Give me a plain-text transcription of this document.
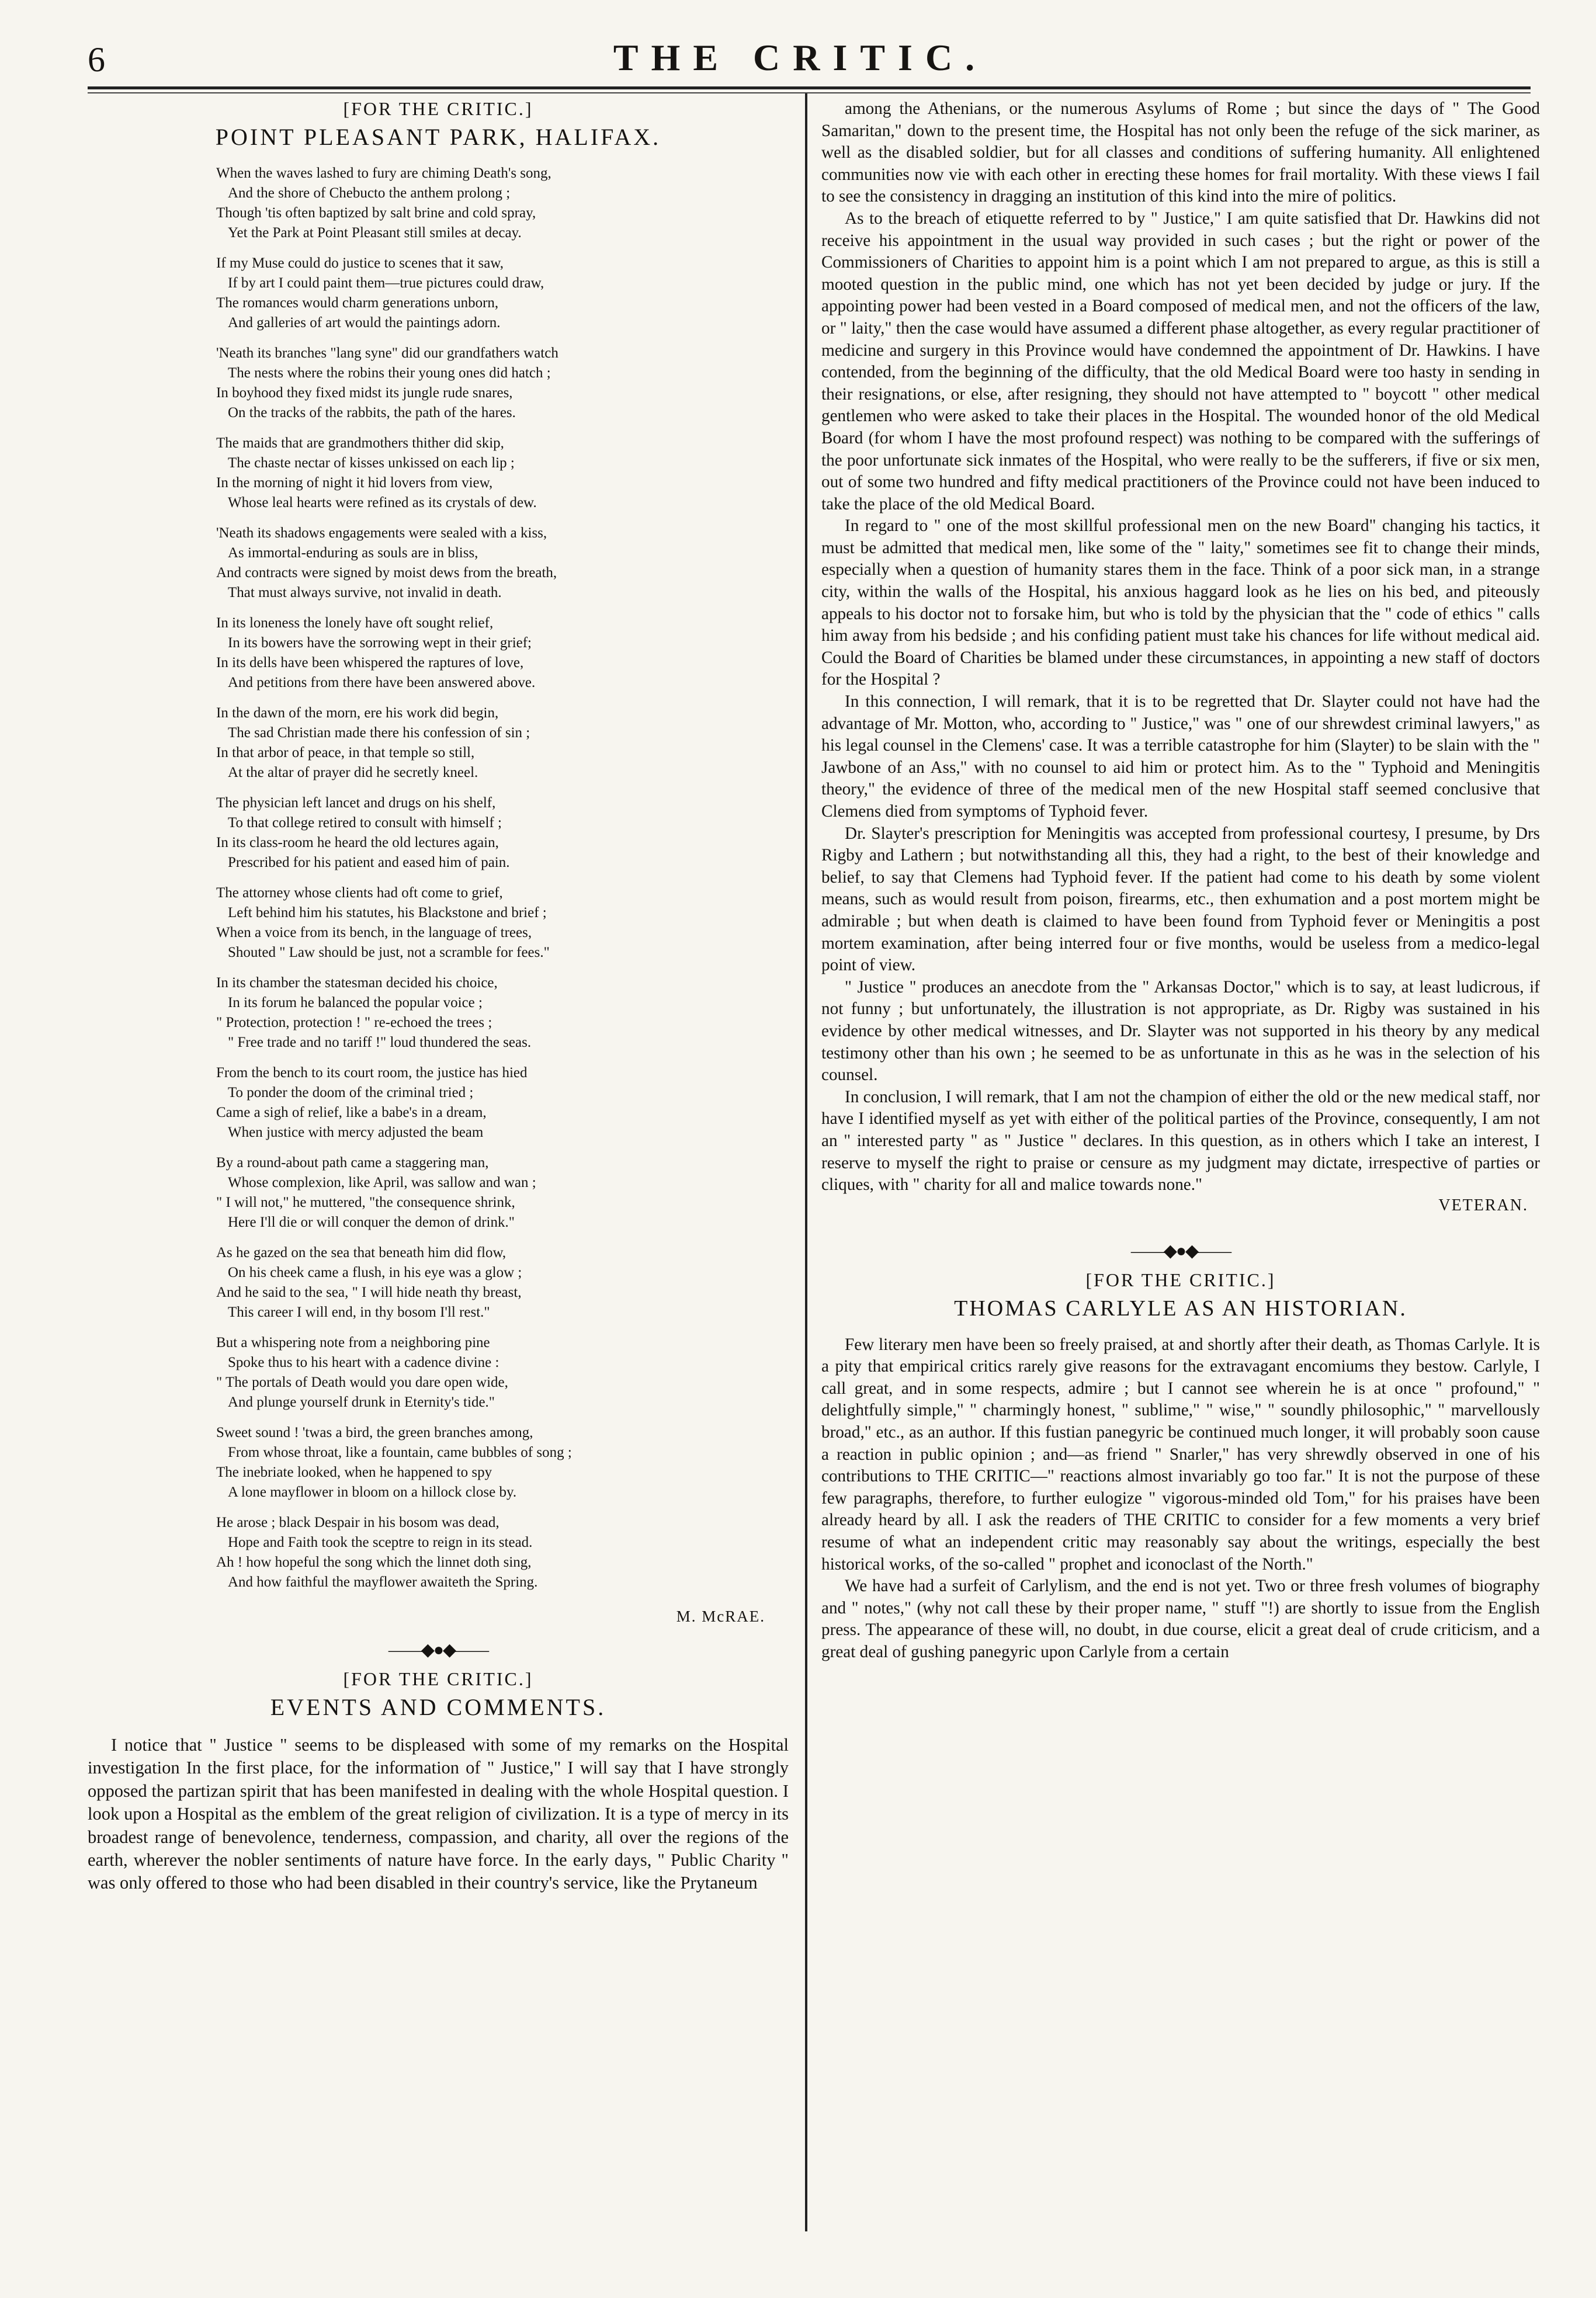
6	THE CRITIC.
[FOR THE CRITIC.]
POINT PLEASANT PARK, HALIFAX.
When the waves lashed to fury are chiming Death's song,
And the shore of Chebucto the anthem prolong ;
Though 'tis often baptized by salt brine and cold spray,
Yet the Park at Point Pleasant still smiles at decay.
If my Muse could do justice to scenes that it saw,
If by art I could paint them—true pictures could draw,
The romances would charm generations unborn,
And galleries of art would the paintings adorn.
'Neath its branches "lang syne" did our grandfathers watch
The nests where the robins their young ones did hatch ;
In boyhood they fixed midst its jungle rude snares,
On the tracks of the rabbits, the path of the hares.
The maids that are grandmothers thither did skip,
The chaste nectar of kisses unkissed on each lip ;
In the morning of night it hid lovers from view,
Whose leal hearts were refined as its crystals of dew.
'Neath its shadows engagements were sealed with a kiss,
As immortal-enduring as souls are in bliss,
And contracts were signed by moist dews from the breath,
That must always survive, not invalid in death.
In its loneness the lonely have oft sought relief,
In its bowers have the sorrowing wept in their grief;
In its dells have been whispered the raptures of love,
And petitions from there have been answered above.
In the dawn of the morn, ere his work did begin,
The sad Christian made there his confession of sin ;
In that arbor of peace, in that temple so still,
At the altar of prayer did he secretly kneel.
The physician left lancet and drugs on his shelf,
To that college retired to consult with himself ;
In its class-room he heard the old lectures again,
Prescribed for his patient and eased him of pain.
The attorney whose clients had oft come to grief,
Left behind him his statutes, his Blackstone and brief ;
When a voice from its bench, in the language of trees,
Shouted " Law should be just, not a scramble for fees."
In its chamber the statesman decided his choice,
In its forum he balanced the popular voice ;
" Protection, protection ! " re-echoed the trees ;
" Free trade and no tariff !" loud thundered the seas.
From the bench to its court room, the justice has hied
To ponder the doom of the criminal tried ;
Came a sigh of relief, like a babe's in a dream,
When justice with mercy adjusted the beam
By a round-about path came a staggering man,
Whose complexion, like April, was sallow and wan ;
" I will not," he muttered, "the consequence shrink,
Here I'll die or will conquer the demon of drink."
As he gazed on the sea that beneath him did flow,
On his cheek came a flush, in his eye was a glow ;
And he said to the sea, " I will hide neath thy breast,
This career I will end, in thy bosom I'll rest."
But a whispering note from a neighboring pine
Spoke thus to his heart with a cadence divine :
" The portals of Death would you dare open wide,
And plunge yourself drunk in Eternity's tide."
Sweet sound ! 'twas a bird, the green branches among,
From whose throat, like a fountain, came bubbles of song ;
The inebriate looked, when he happened to spy
A lone mayflower in bloom on a hillock close by.
He arose ; black Despair in his bosom was dead,
Hope and Faith took the sceptre to reign in its stead.
Ah ! how hopeful the song which the linnet doth sing,
And how faithful the mayflower awaiteth the Spring.
M. McRAE.
――◆●◆――
[FOR THE CRITIC.]
EVENTS AND COMMENTS.

I notice that " Justice " seems to be displeased with some of my remarks on the Hospital investigation In the first place, for the information of " Justice," I will say that I have strongly opposed the partizan spirit that has been manifested in dealing with the whole Hospital question. I look upon a Hospital as the emblem of the great religion of civilization. It is a type of mercy in its broadest range of benevolence, tenderness, compassion, and charity, all over the regions of the earth, wherever the nobler sentiments of nature have force. In the early days, " Public Charity " was only offered to those who had been disabled in their country's service, like the Prytaneum

among the Athenians, or the numerous Asylums of Rome ; but since the days of " The Good Samaritan," down to the present time, the Hospital has not only been the refuge of the sick mariner, as well as the disabled soldier, but for all classes and conditions of suffering humanity. All enlightened communities now vie with each other in erecting these homes for frail mortality. With these views I fail to see the consistency in dragging an institution of this kind into the mire of politics.

As to the breach of etiquette referred to by " Justice," I am quite satisfied that Dr. Hawkins did not receive his appointment in the usual way provided in such cases ; but the right or power of the Commissioners of Charities to appoint him is a point which I am not prepared to argue, as this is still a mooted question in the public mind, one which has not yet been decided by judge or jury. If the appointing power had been vested in a Board composed of medical men, and not the officers of the law, or " laity," then the case would have assumed a different phase altogether, as every regular practitioner of medicine and surgery in this Province would have condemned the appointment of Dr. Hawkins. I have contended, from the beginning of the difficulty, that the old Medical Board were too hasty in sending in their resignations, or else, after resigning, they should not have attempted to " boycott " other medical gentlemen who were asked to take their places in the Hospital. The wounded honor of the old Medical Board (for whom I have the most profound respect) was nothing to be compared with the sufferings of the poor unfortunate sick inmates of the Hospital, who were really to be the sufferers, if five or six men, out of some two hundred and fifty medical practitioners of the Province could not have been induced to take the place of the old Medical Board.

In regard to " one of the most skillful professional men on the new Board" changing his tactics, it must be admitted that medical men, like some of the " laity," sometimes see fit to change their minds, especially when a question of humanity stares them in the face. Think of a poor sick man, in a strange city, within the walls of the Hospital, his anxious haggard look as he lies on his bed, and piteously appeals to his doctor not to forsake him, but who is told by the physician that the " code of ethics " calls him away from his bedside ; and his confiding patient must take his chances for life without medical aid. Could the Board of Charities be blamed under these circumstances, in appointing a new staff of doctors for the Hospital ?

In this connection, I will remark, that it is to be regretted that Dr. Slayter could not have had the advantage of Mr. Motton, who, according to " Justice," was " one of our shrewdest criminal lawyers," as his legal counsel in the Clemens' case. It was a terrible catastrophe for him (Slayter) to be slain with the " Jawbone of an Ass," with no counsel to aid him or protect him. As to the " Typhoid and Meningitis theory," the evidence of three of the medical men of the new Hospital staff seemed conclusive that Clemens died from symptoms of Typhoid fever.

Dr. Slayter's prescription for Meningitis was accepted from professional courtesy, I presume, by Drs Rigby and Lathern ; but notwithstanding all this, they had a right, to the best of their knowledge and belief, to say that Clemens had Typhoid fever. If the patient had come to his death by some violent means, such as would result from poison, firearms, etc., then exhumation and a post mortem might be admirable ; but when death is claimed to have been found from Typhoid fever or Meningitis a post mortem examination, after being interred four or five months, would be useless from a medico-legal point of view.

" Justice " produces an anecdote from the " Arkansas Doctor," which is to say, at least ludicrous, if not funny ; but unfortunately, the illustration is not appropriate, as Dr. Rigby was sustained in his evidence by other medical witnesses, and Dr. Slayter was not supported in his theory by any medical testimony other than his own ; he seemed to be as unfortunate in this as he was in the selection of his counsel.

In conclusion, I will remark, that I am not the champion of either the old or the new medical staff, nor have I identified myself as yet with either of the political parties of the Province, consequently, I am not an " interested party " as " Justice " declares. In this question, as in others which I take an interest, I reserve to myself the right to praise or censure as my judgment may dictate, irrespective of parties or cliques, with " charity for all and malice towards none."

VETERAN.
――◆●◆――
[FOR THE CRITIC.]
THOMAS CARLYLE AS AN HISTORIAN.

Few literary men have been so freely praised, at and shortly after their death, as Thomas Carlyle. It is a pity that empirical critics rarely give reasons for the extravagant encomiums they bestow. Carlyle, I call great, and in some respects, admire ; but I cannot see wherein he is at once " profound," " delightfully simple," " charmingly honest, " sublime," " wise," " soundly philosophic," " marvellously broad," etc., as an author. If this fustian panegyric be continued much longer, it will probably soon cause a reaction in public opinion ; and—as friend " Snarler," has very shrewdly observed in one of his contributions to THE CRITIC—" reactions almost invariably go too far." It is not the purpose of these few paragraphs, therefore, to further eulogize " vigorous-minded old Tom," for his praises have been already heard by all. I ask the readers of THE CRITIC to consider for a few moments a very brief resume of what an independent critic may reasonably say about the writings, especially the best historical works, of the so-called " prophet and iconoclast of the North."

We have had a surfeit of Carlylism, and the end is not yet. Two or three fresh volumes of biography and " notes," (why not call these by their proper name, " stuff "!) are shortly to issue from the English press. The appearance of these will, no doubt, in due course, elicit a great deal of crude criticism, and a great deal of gushing panegyric upon Carlyle from a certain
